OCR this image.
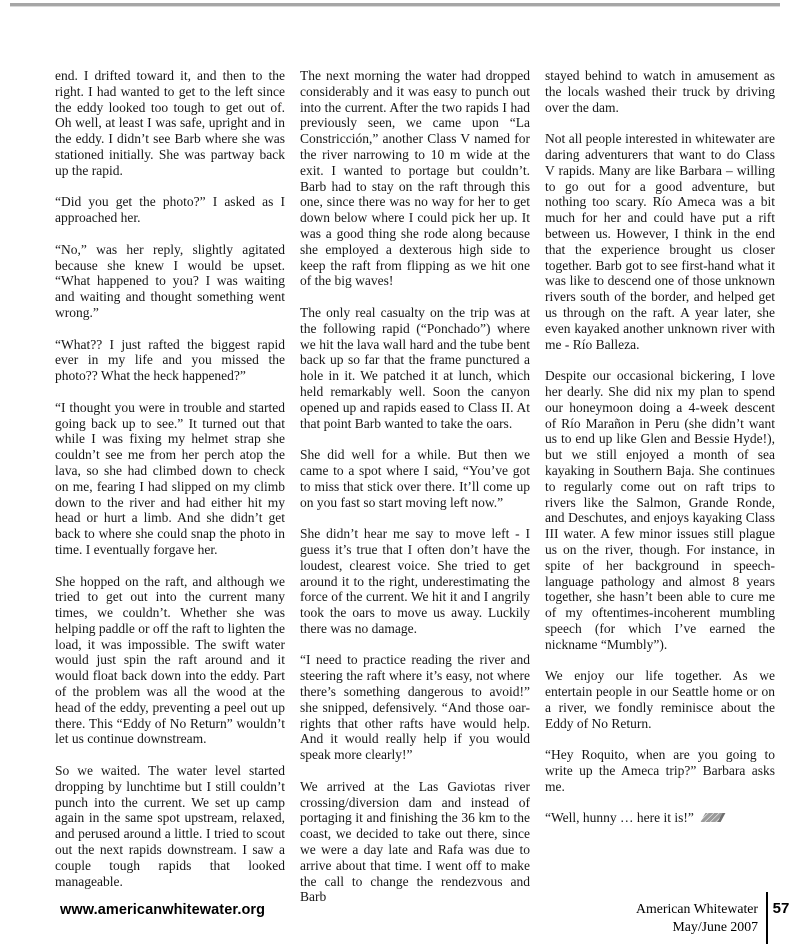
end. I drifted toward it, and then to the right. I had wanted to get to the left since the eddy looked too tough to get out of. Oh well, at least I was safe, upright and in the eddy. I didn’t see Barb where she was stationed initially. She was partway back up the rapid.

“Did you get the photo?” I asked as I approached her.

“No,” was her reply, slightly agitated because she knew I would be upset. “What happened to you? I was waiting and waiting and thought something went wrong.”

“What?? I just rafted the biggest rapid ever in my life and you missed the photo?? What the heck happened?”

“I thought you were in trouble and started going back up to see.” It turned out that while I was fixing my helmet strap she couldn’t see me from her perch atop the lava, so she had climbed down to check on me, fearing I had slipped on my climb down to the river and had either hit my head or hurt a limb. And she didn’t get back to where she could snap the photo in time. I eventually forgave her.

She hopped on the raft, and although we tried to get out into the current many times, we couldn’t. Whether she was helping paddle or off the raft to lighten the load, it was impossible. The swift water would just spin the raft around and it would float back down into the eddy. Part of the problem was all the wood at the head of the eddy, preventing a peel out up there. This “Eddy of No Return” wouldn’t let us continue downstream.

So we waited. The water level started dropping by lunchtime but I still couldn’t punch into the current. We set up camp again in the same spot upstream, relaxed, and perused around a little. I tried to scout out the next rapids downstream. I saw a couple tough rapids that looked manageable.

The next morning the water had dropped considerably and it was easy to punch out into the current. After the two rapids I had previously seen, we came upon “La Constricción,” another Class V named for the river narrowing to 10 m wide at the exit. I wanted to portage but couldn’t. Barb had to stay on the raft through this one, since there was no way for her to get down below where I could pick her up. It was a good thing she rode along because she employed a dexterous high side to keep the raft from flipping as we hit one of the big waves!

The only real casualty on the trip was at the following rapid (“Ponchado”) where we hit the lava wall hard and the tube bent back up so far that the frame punctured a hole in it. We patched it at lunch, which held remarkably well. Soon the canyon opened up and rapids eased to Class II. At that point Barb wanted to take the oars.

She did well for a while. But then we came to a spot where I said, “You’ve got to miss that stick over there. It’ll come up on you fast so start moving left now.”

She didn’t hear me say to move left - I guess it’s true that I often don’t have the loudest, clearest voice. She tried to get around it to the right, underestimating the force of the current. We hit it and I angrily took the oars to move us away. Luckily there was no damage.

“I need to practice reading the river and steering the raft where it’s easy, not where there’s something dangerous to avoid!” she snipped, defensively. “And those oar-rights that other rafts have would help. And it would really help if you would speak more clearly!”

We arrived at the Las Gaviotas river crossing/diversion dam and instead of portaging it and finishing the 36 km to the coast, we decided to take out there, since we were a day late and Rafa was due to arrive about that time. I went off to make the call to change the rendezvous and Barb

stayed behind to watch in amusement as the locals washed their truck by driving over the dam.

Not all people interested in whitewater are daring adventurers that want to do Class V rapids. Many are like Barbara – willing to go out for a good adventure, but nothing too scary. Río Ameca was a bit much for her and could have put a rift between us. However, I think in the end that the experience brought us closer together. Barb got to see first-hand what it was like to descend one of those unknown rivers south of the border, and helped get us through on the raft. A year later, she even kayaked another unknown river with me - Río Balleza.

Despite our occasional bickering, I love her dearly. She did nix my plan to spend our honeymoon doing a 4-week descent of Río Marañon in Peru (she didn’t want us to end up like Glen and Bessie Hyde!), but we still enjoyed a month of sea kayaking in Southern Baja. She continues to regularly come out on raft trips to rivers like the Salmon, Grande Ronde, and Deschutes, and enjoys kayaking Class III water. A few minor issues still plague us on the river, though. For instance, in spite of her background in speech-language pathology and almost 8 years together, she hasn’t been able to cure me of my oftentimes-incoherent mumbling speech (for which I’ve earned the nickname “Mumbly”).

We enjoy our life together. As we entertain people in our Seattle home or on a river, we fondly reminisce about the Eddy of No Return.

“Hey Roquito, when are you going to write up the Ameca trip?” Barbara asks me.

“Well, hunny … here it is!”

www.americanwhitewater.org	American Whitewater
May/June 2007
57
